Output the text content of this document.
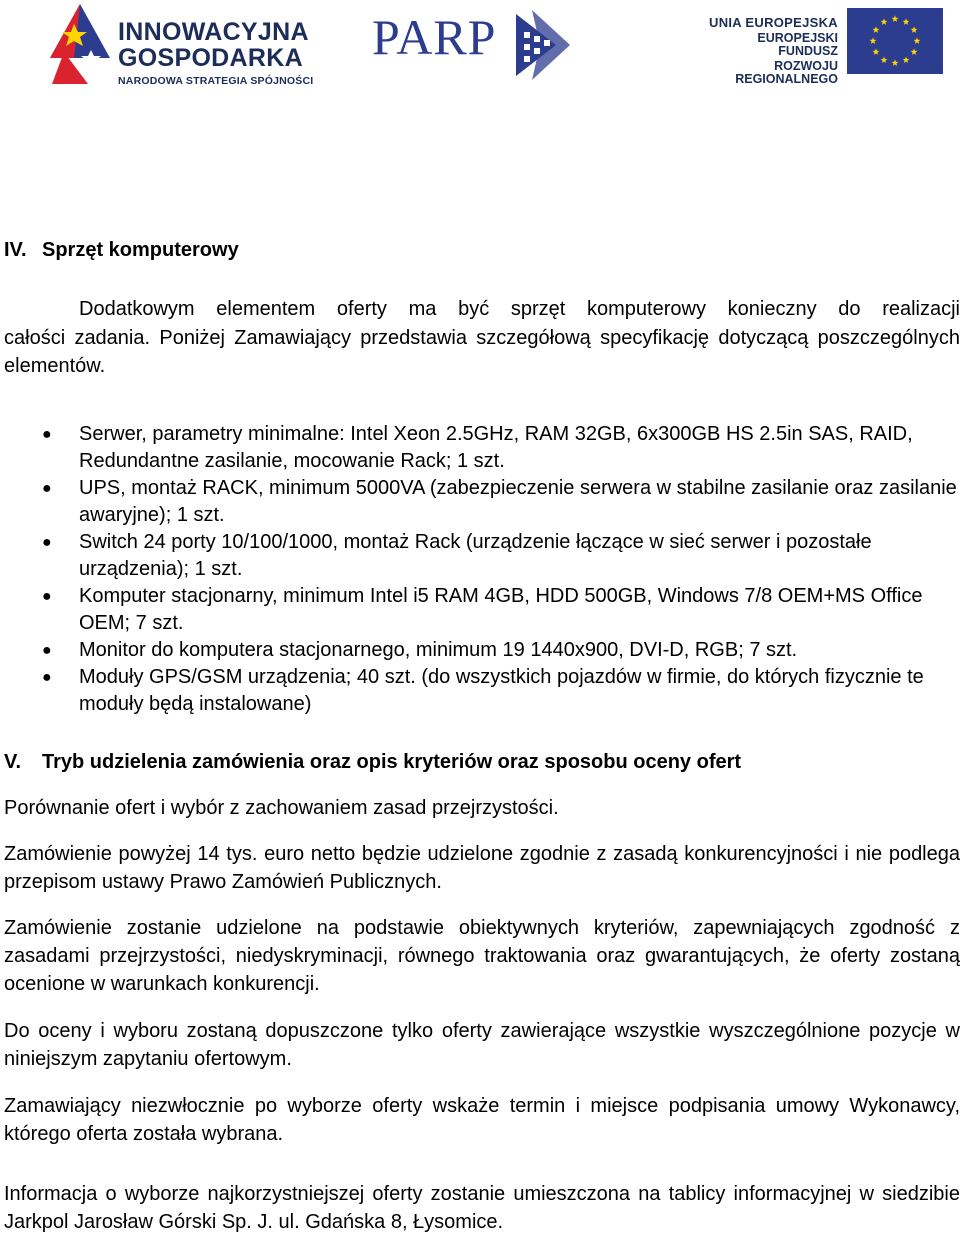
INNOWACYJNA
GOSPODARKA
NARODOWA STRATEGIA SPÓJNOŚCI
PARP	UNIA EUROPEJSKA
EUROPEJSKI FUNDUSZ
ROZWOJU REGIONALNEGO
IV. Sprzęt komputerowy
Dodatkowym elementem oferty ma być sprzęt komputerowy konieczny do realizacji
całości zadania. Poniżej Zamawiający przedstawia szczegółową specyfikację dotyczącą poszczególnych elementów.
● Serwer, parametry minimalne: Intel Xeon 2.5GHz, RAM 32GB, 6x300GB HS 2.5in SAS, RAID, Redundantne zasilanie, mocowanie Rack; 1 szt.
● UPS, montaż RACK, minimum 5000VA (zabezpieczenie serwera w stabilne zasilanie oraz zasilanie awaryjne); 1 szt.
● Switch 24 porty 10/100/1000, montaż Rack (urządzenie łączące w sieć serwer i pozostałe urządzenia); 1 szt.
● Komputer stacjonarny, minimum Intel i5 RAM 4GB, HDD 500GB, Windows 7/8 OEM+MS Office OEM; 7 szt.
● Monitor do komputera stacjonarnego, minimum 19 1440x900, DVI-D, RGB; 7 szt.
● Moduły GPS/GSM urządzenia; 40 szt. (do wszystkich pojazdów w firmie, do których fizycznie te moduły będą instalowane)
V. Tryb udzielenia zamówienia oraz opis kryteriów oraz sposobu oceny ofert
Porównanie ofert i wybór z zachowaniem zasad przejrzystości.
Zamówienie powyżej 14 tys. euro netto będzie udzielone zgodnie z zasadą konkurencyjności i nie podlega przepisom ustawy Prawo Zamówień Publicznych.
Zamówienie zostanie udzielone na podstawie obiektywnych kryteriów, zapewniających zgodność z zasadami przejrzystości, niedyskryminacji, równego traktowania oraz gwarantujących, że oferty zostaną ocenione w warunkach konkurencji.
Do oceny i wyboru zostaną dopuszczone tylko oferty zawierające wszystkie wyszczególnione pozycje w niniejszym zapytaniu ofertowym.
Zamawiający niezwłocznie po wyborze oferty wskaże termin i miejsce podpisania umowy Wykonawcy, którego oferta została wybrana.
Informacja o wyborze najkorzystniejszej oferty zostanie umieszczona na tablicy informacyjnej w siedzibie Jarkpol Jarosław Górski Sp. J. ul. Gdańska 8, Łysomice.
